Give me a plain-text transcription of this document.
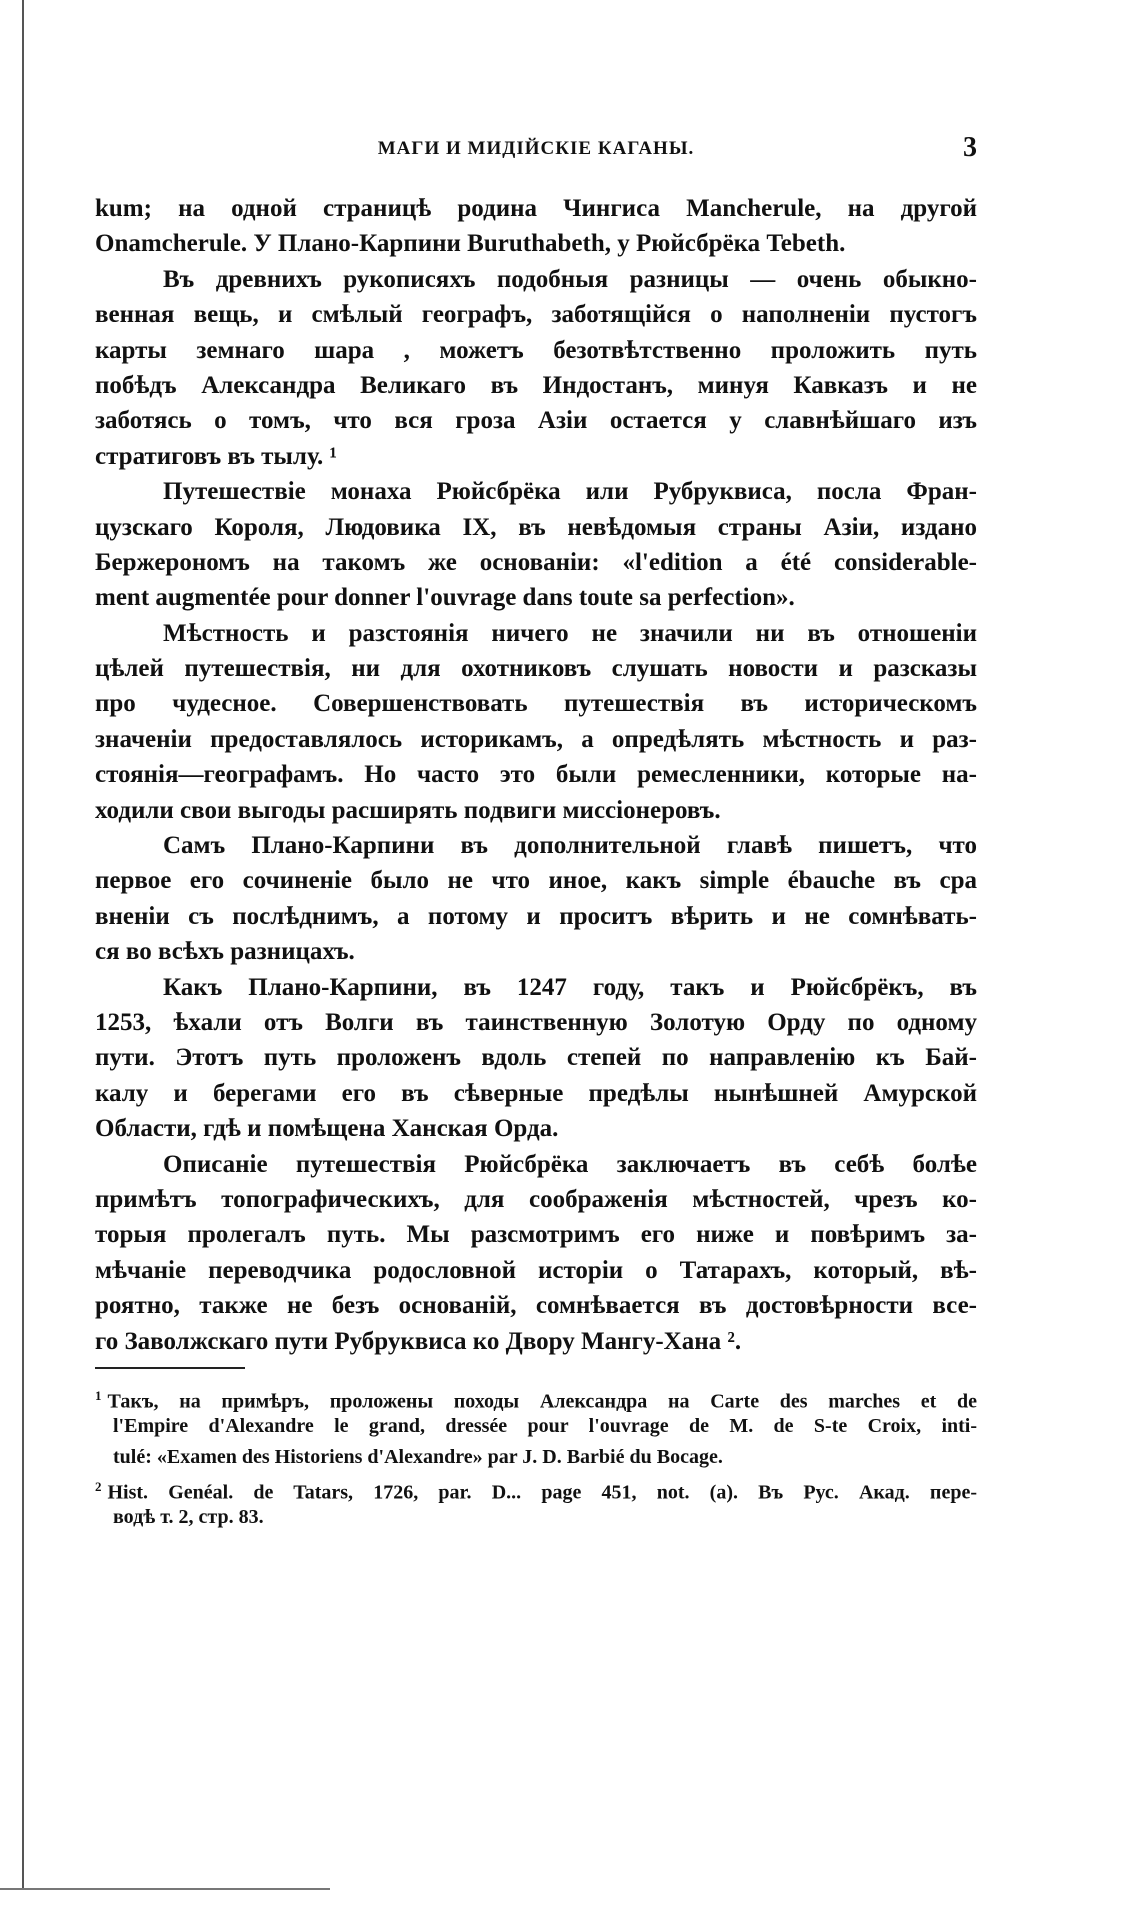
МАГИ И МИДІЙСКІЕ КАГАНЫ.	3
kum; на одной страницѣ родина Чингиса Mancherule, на другой
Onamcherule. У Плано-Карпини Buruthabeth, у Рюйсбрёка Tebeth.
Въ древнихъ рукописяхъ подобныя разницы — очень обыкно-
венная вещь, и смѣлый географъ, заботящійся о наполненіи пустогъ
карты земнаго шара , можетъ безотвѣтственно проложить путь
побѣдъ Александра Великаго въ Индостанъ, минуя Кавказъ и не
заботясь о томъ, что вся гроза Азіи остается у славнѣйшаго изъ
стратиговъ въ тылу. ¹
Путешествіе монаха Рюйсбрёка или Рубруквиса, посла Фран-
цузскаго Короля, Людовика IX, въ невѣдомыя страны Азіи, издано
Бержерономъ на такомъ же основаніи: «l'edition a été considerable-
ment augmentée pour donner l'ouvrage dans toute sa perfection».
Мѣстность и разстоянія ничего не значили ни въ отношеніи
цѣлей путешествія, ни для охотниковъ слушать новости и разсказы
про чудесное. Совершенствовать путешествія въ историческомъ
значеніи предоставлялось историкамъ, а опредѣлять мѣстность и раз-
стоянія—географамъ. Но часто это были ремесленники, которые на-
ходили свои выгоды расширять подвиги миссіонеровъ.
Самъ Плано-Карпини въ дополнительной главѣ пишетъ, что
первое его сочиненіе было не что иное, какъ simple ébauche въ сра
вненіи съ послѣднимъ, а потому и проситъ вѣрить и не сомнѣвать-
ся во всѣхъ разницахъ.
Какъ Плано-Карпини, въ 1247 году, такъ и Рюйсбрёкъ, въ
1253, ѣхали отъ Волги въ таинственную Золотую Орду по одному
пути. Этотъ путь проложенъ вдоль степей по направленію къ Бай-
калу и берегами его въ сѣверные предѣлы нынѣшней Амурской
Области, гдѣ и помѣщена Ханская Орда.
Описаніе путешествія Рюйсбрёка заключаетъ въ себѣ болѣе
примѣтъ топографическихъ, для соображенія мѣстностей, чрезъ ко-
торыя пролегалъ путь. Мы разсмотримъ его ниже и повѣримъ за-
мѣчаніе переводчика родословной исторіи о Татарахъ, который, вѣ-
роятно, также не безъ основаній, сомнѣвается въ достовѣрности все-
го Заволжскаго пути Рубруквиса ко Двору Мангу-Хана ².
$^1$ Такъ, на примѣръ, проложены походы Александра на Carte des marches et de
l'Empire d'Alexandre le grand, dressée pour l'ouvrage de M. de S-te Croix, inti-
tulé: «Examen des Historiens d'Alexandre» par J. D. Barbié du Bocage.
$^2$ Hist. Genéal. de Tatars, 1726, par. D... page 451, not. (a). Въ Рус. Акад. пере-
водѣ т. 2, стр. 83.
